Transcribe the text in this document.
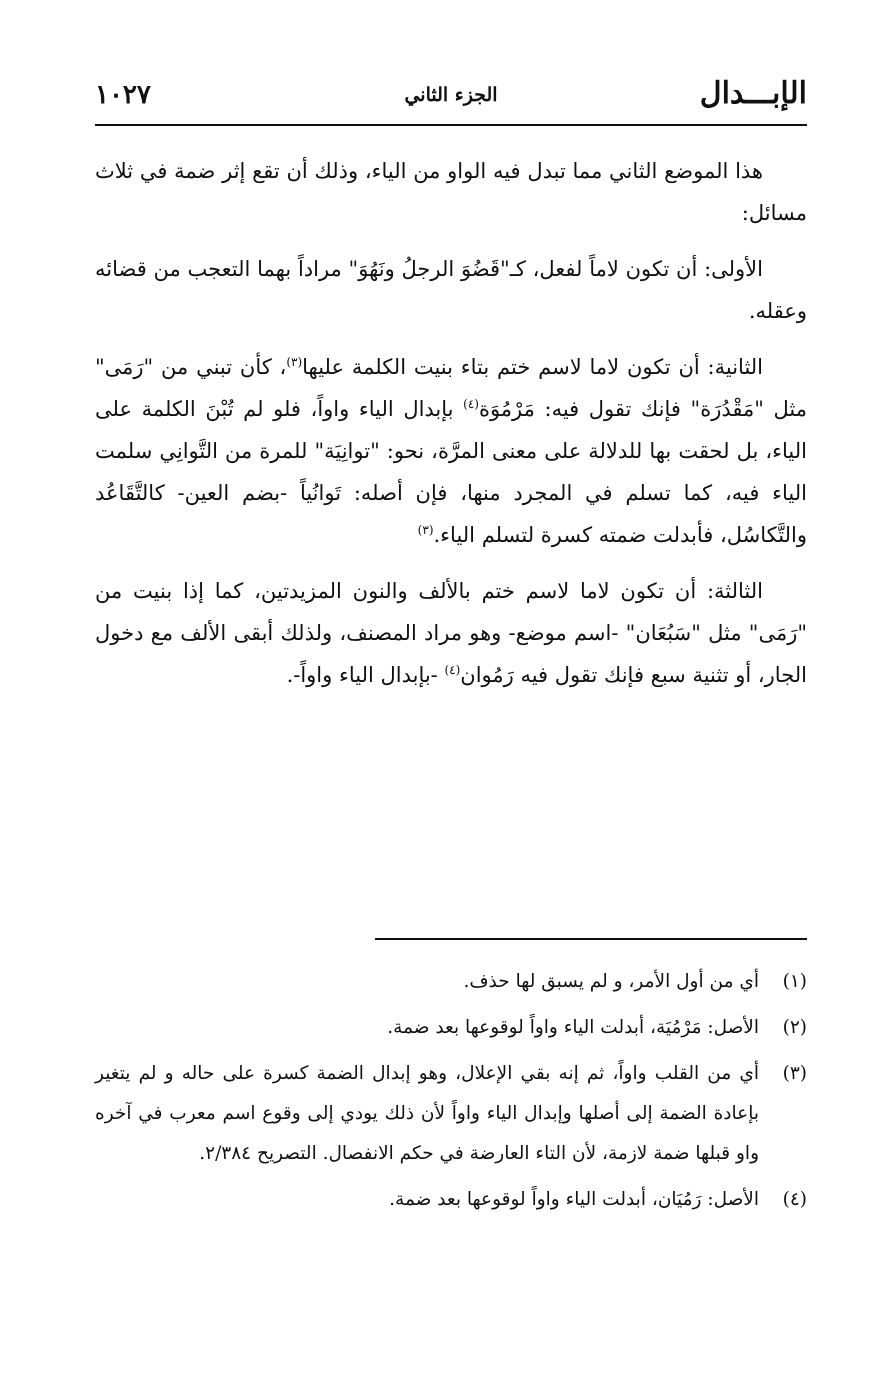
الإبـــدال
الجزء الثاني
١٠٢٧

هذا الموضع الثاني مما تبدل فيه الواو من الياء، وذلك أن تقع إثر ضمة في ثلاث مسائل:

الأولى: أن تكون لاماً لفعل، كـ"قَضُوَ الرجلُ ونَهُوَ" مراداً بهما التعجب من قضائه وعقله.

الثانية: أن تكون لاما لاسم ختم بتاء بنيت الكلمة عليها$^{(٣)}$، كأن تبني من "رَمَى" مثل "مَقْدُرَة" فإنك تقول فيه: مَرْمُوَة$^{(٤)}$ بإبدال الياء واواً، فلو لم تُبْنَ الكلمة على الياء، بل لحقت بها للدلالة على معنى المرَّة، نحو: "توانِيَة" للمرة من التَّوانِي سلمت الياء فيه، كما تسلم في المجرد منها، فإن أصله: تَوانُياً -بضم العين- كالتَّقَاعُد والتَّكاسُل، فأبدلت ضمته كسرة لتسلم الياء.$^{(٣)}$

الثالثة: أن تكون لاما لاسم ختم بالألف والنون المزيدتين، كما إذا بنيت من "رَمَى" مثل "سَبُعَان" -اسم موضع- وهو مراد المصنف، ولذلك أبقى الألف مع دخول الجار، أو تثنية سبع فإنك تقول فيه رَمُوان$^{(٤)}$ -بإبدال الياء واواً-.

(١)
أي من أول الأمر، و لم يسبق لها حذف.
(٢)
الأصل: مَرْمُيَة، أبدلت الياء واواً لوقوعها بعد ضمة.
(٣)
أي من القلب واواً، ثم إنه بقي الإعلال، وهو إبدال الضمة كسرة على حاله و لم يتغير بإعادة الضمة إلى أصلها وإبدال الياء واواً لأن ذلك يودي إلى وقوع اسم معرب في آخره واو قبلها ضمة لازمة، لأن التاء العارضة في حكم الانفصال. التصريح ٢/٣٨٤.
(٤)
الأصل: رَمُيَان، أبدلت الياء واواً لوقوعها بعد ضمة.
